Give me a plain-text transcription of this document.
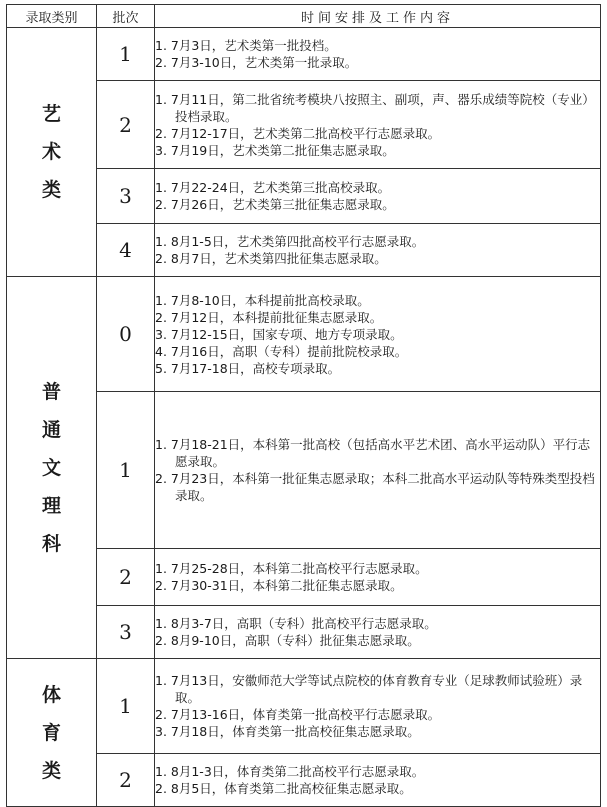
录取类别	批次	时间安排及工作内容
艺术类	1	1. 7月3日，艺术类第一批投档。
2. 7月3-10日，艺术类第一批录取。

	2	1. 7月11日，第二批省统考模块八按照主、副项，声、器乐成绩等院校（专业）投档录取。
2. 7月12-17日，艺术类第二批高校平行志愿录取。
3. 7月19日，艺术类第二批征集志愿录取。

	3	1. 7月22-24日，艺术类第三批高校录取。
2. 7月26日，艺术类第三批征集志愿录取。

	4	1. 8月1-5日，艺术类第四批高校平行志愿录取。
2. 8月7日，艺术类第四批征集志愿录取。

普通文理科	0	1. 7月8-10日，本科提前批高校录取。
2. 7月12日，本科提前批征集志愿录取。
3. 7月12-15日，国家专项、地方专项录取。
4. 7月16日，高职（专科）提前批院校录取。
5. 7月17-18日，高校专项录取。

	1	1. 7月18-21日，本科第一批高校（包括高水平艺术团、高水平运动队）平行志愿录取。
2. 7月23日，本科第一批征集志愿录取；本科二批高水平运动队等特殊类型投档录取。

	2	1. 7月25-28日，本科第二批高校平行志愿录取。
2. 7月30-31日，本科第二批征集志愿录取。

	3	1. 8月3-7日，高职（专科）批高校平行志愿录取。
2. 8月9-10日，高职（专科）批征集志愿录取。

体育类	1	1. 7月13日，安徽师范大学等试点院校的体育教育专业（足球教师试验班）录取。
2. 7月13-16日，体育类第一批高校平行志愿录取。
3. 7月18日，体育类第一批高校征集志愿录取。

	2	1. 8月1-3日，体育类第二批高校平行志愿录取。
2. 8月5日，体育类第二批高校征集志愿录取。
